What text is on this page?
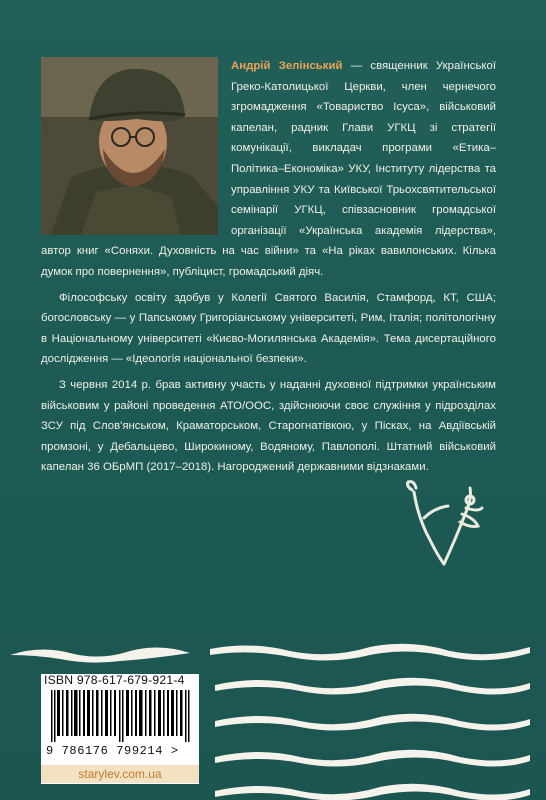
Андрій Зелінський — священник Української Греко-Католицької Церкви, член чернечого згромадження «Товариство Ісуса», військовий капелан, радник Глави УГКЦ зі стратегії комунікації, викладач програми «Етика–Політика–Економіка» УКУ, Інституту лідерства та управління УКУ та Київської Трьохсвятительської семінарії УГКЦ, співзасновник громадської організації «Українська академія лідерства», автор книг «Соняхи. Духовність на час війни» та «На ріках вавилонських. Кілька думок про повернення», публіцист, громадський діяч.

Філософську освіту здобув у Колегії Святого Василія, Стамфорд, КТ, США; богословську — у Папському Григоріанському університеті, Рим, Італія; політологічну в Національному університеті «Києво-Могилянська Академія». Тема дисертаційного дослідження — «Ідеологія національної безпеки».

З червня 2014 р. брав активну участь у наданні духовної підтримки українським військовим у районі проведення АТО/ООС, здійснюючи своє служіння у підрозділах ЗСУ під Слов'янськом, Краматорськом, Старогнатівкою, у Пісках, на Авдіївській промзоні, у Дебальцево, Широкиному, Водяному, Павлополі. Штатний військовий капелан 36 ОБрМП (2017–2018). Нагороджений державними відзнаками.

ISBN 978-617-679-921-4
9 786176 799214 >
starylev.com.ua
